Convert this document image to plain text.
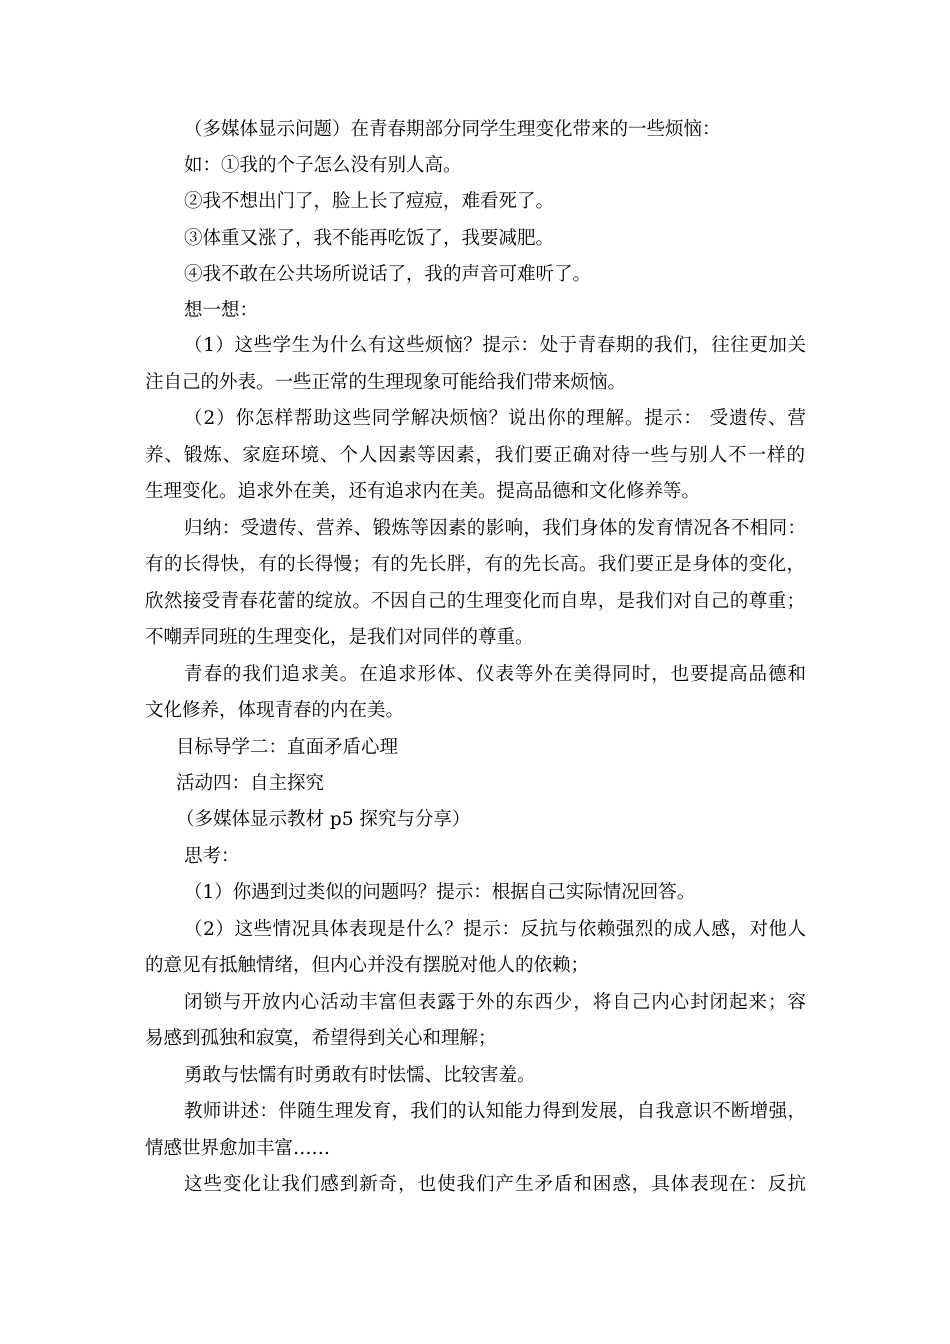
（多媒体显示问题）在青春期部分同学生理变化带来的一些烦恼：
如：①我的个子怎么没有别人高。
②我不想出门了，脸上长了痘痘，难看死了。
③体重又涨了，我不能再吃饭了，我要减肥。
④我不敢在公共场所说话了，我的声音可难听了。
想一想：
（1）这些学生为什么有这些烦恼？提示：处于青春期的我们，往往更加关
注自己的外表。一些正常的生理现象可能给我们带来烦恼。
（2）你怎样帮助这些同学解决烦恼？说出你的理解。提示： 受遗传、营
养、锻炼、家庭环境、个人因素等因素，我们要正确对待一些与别人不一样的
生理变化。追求外在美，还有追求内在美。提高品德和文化修养等。
归纳：受遗传、营养、锻炼等因素的影响，我们身体的发育情况各不相同：
有的长得快，有的长得慢；有的先长胖，有的先长高。我们要正是身体的变化，
欣然接受青春花蕾的绽放。不因自己的生理变化而自卑，是我们对自己的尊重；
不嘲弄同班的生理变化，是我们对同伴的尊重。
青春的我们追求美。在追求形体、仪表等外在美得同时，也要提高品德和
文化修养，体现青春的内在美。
目标导学二：直面矛盾心理
活动四：自主探究
（多媒体显示教材 p5 探究与分享）
思考：
（1）你遇到过类似的问题吗？提示：根据自己实际情况回答。
（2）这些情况具体表现是什么？提示：反抗与依赖强烈的成人感，对他人
的意见有抵触情绪，但内心并没有摆脱对他人的依赖；
闭锁与开放内心活动丰富但表露于外的东西少，将自己内心封闭起来；容
易感到孤独和寂寞，希望得到关心和理解；
勇敢与怯懦有时勇敢有时怯懦、比较害羞。
教师讲述：伴随生理发育，我们的认知能力得到发展，自我意识不断增强，
情感世界愈加丰富……
这些变化让我们感到新奇，也使我们产生矛盾和困惑，具体表现在：反抗
